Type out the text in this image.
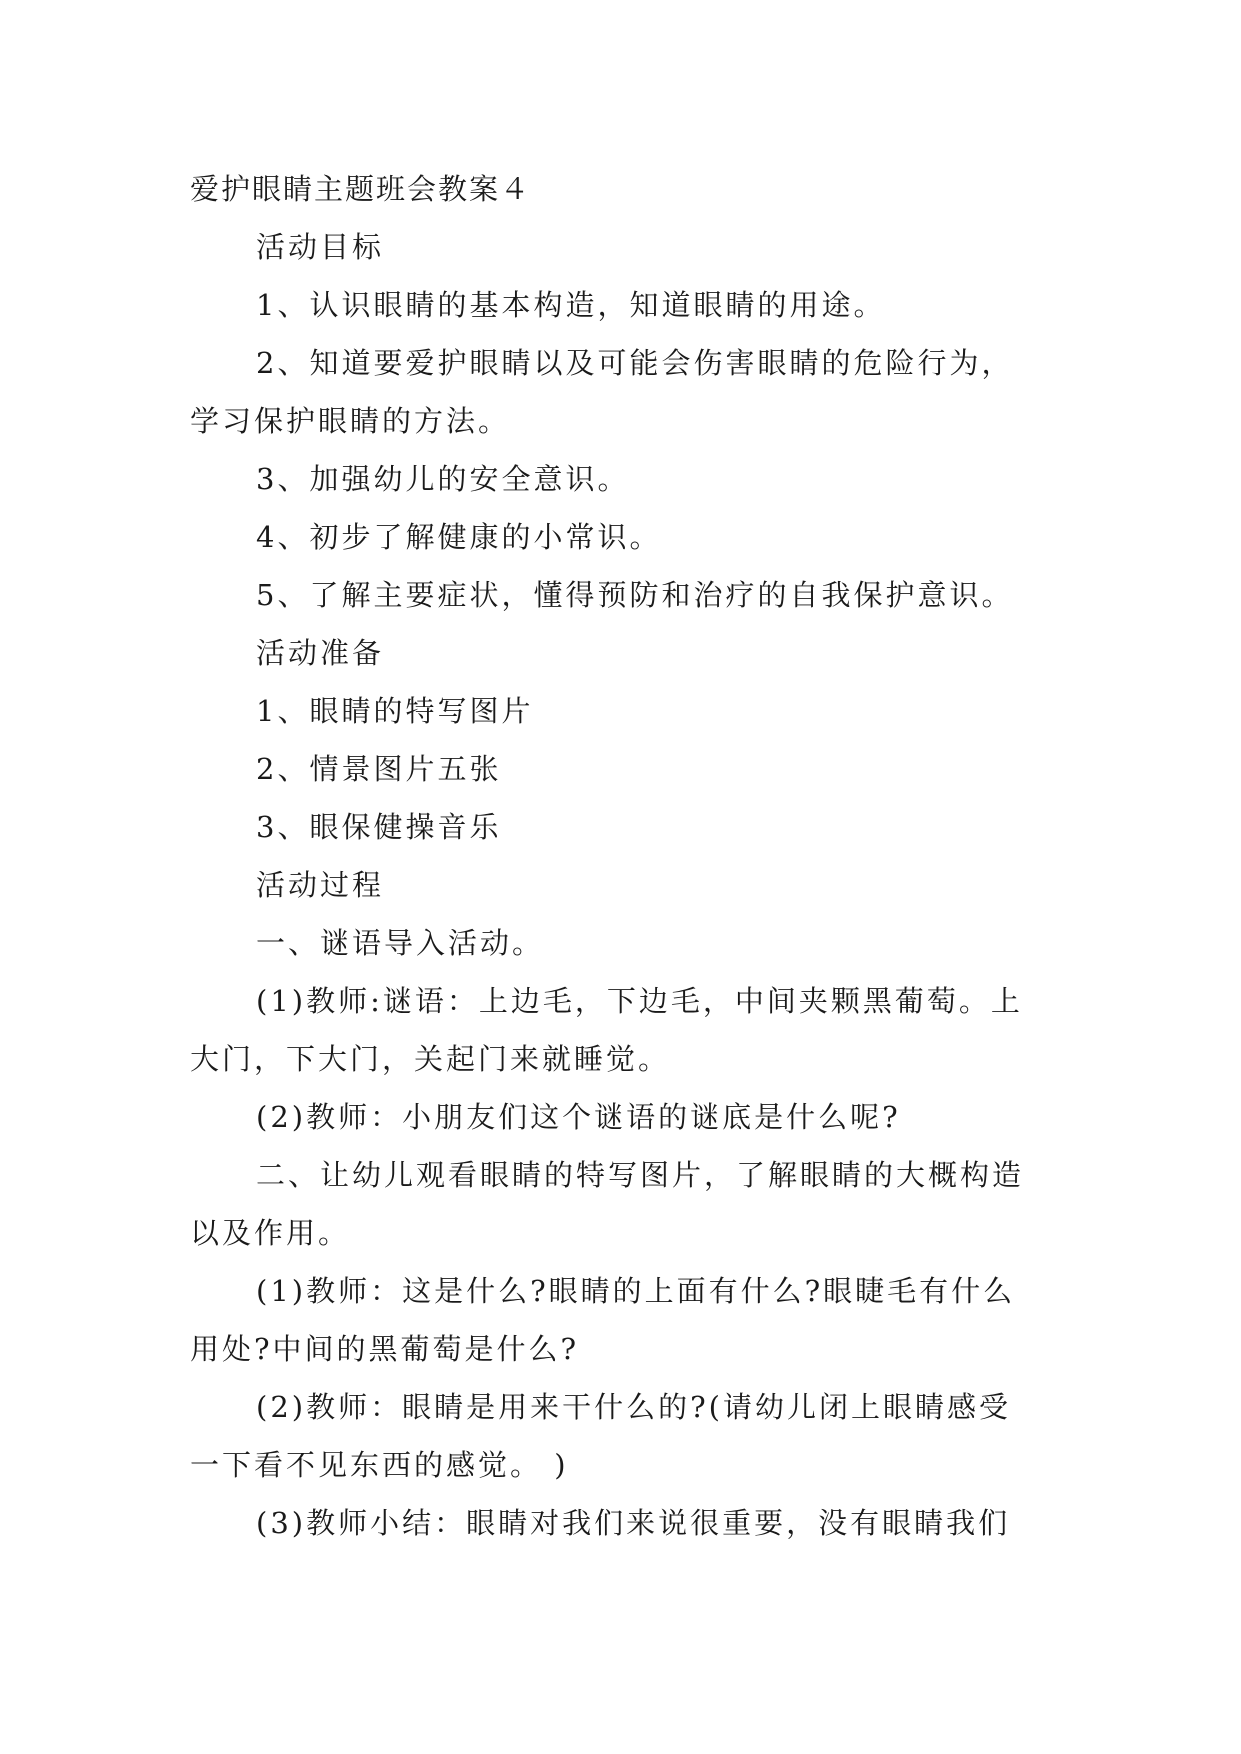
爱护眼睛主题班会教案４

活动目标

1、认识眼睛的基本构造，知道眼睛的用途。

2、知道要爱护眼睛以及可能会伤害眼睛的危险行为，

学习保护眼睛的方法。

3、加强幼儿的安全意识。

4、初步了解健康的小常识。

5、了解主要症状，懂得预防和治疗的自我保护意识。

活动准备

1、眼睛的特写图片

2、情景图片五张

3、眼保健操音乐

活动过程

一、谜语导入活动。

(1)教师:谜语：上边毛，下边毛，中间夹颗黑葡萄。上

大门，下大门，关起门来就睡觉。

(2)教师：小朋友们这个谜语的谜底是什么呢?

二、让幼儿观看眼睛的特写图片，了解眼睛的大概构造

以及作用。

(1)教师：这是什么?眼睛的上面有什么?眼睫毛有什么

用处?中间的黑葡萄是什么?

(2)教师：眼睛是用来干什么的?(请幼儿闭上眼睛感受

一下看不见东西的感觉。 )

(3)教师小结：眼睛对我们来说很重要，没有眼睛我们
